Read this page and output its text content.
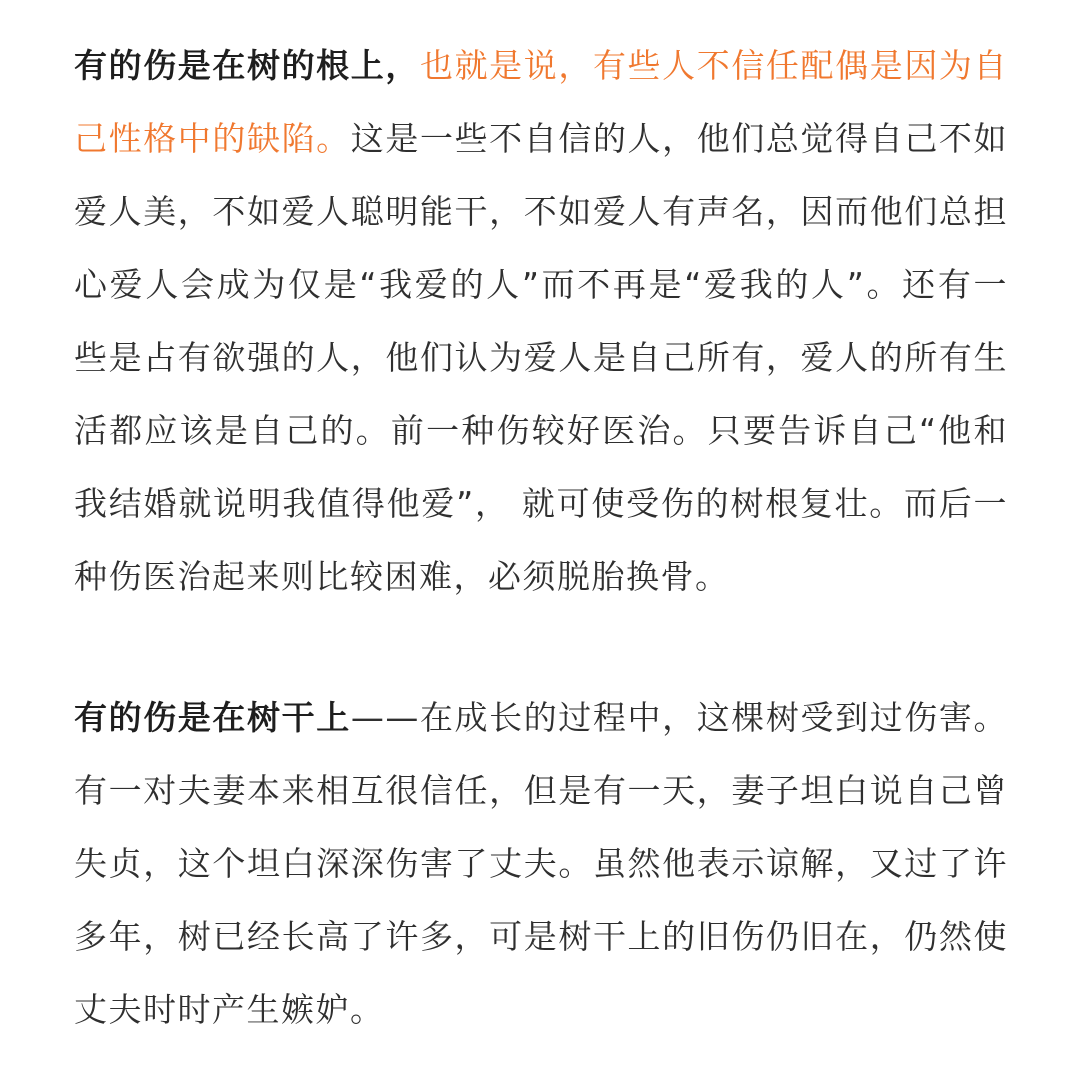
有的伤是在树的根上，也就是说，有些人不信任配偶是因为自己性格中的缺陷。这是一些不自信的人，他们总觉得自己不如爱人美，不如爱人聪明能干，不如爱人有声名，因而他们总担心爱人会成为仅是“我爱的人”而不再是“爱我的人”。还有一些是占有欲强的人，他们认为爱人是自己所有，爱人的所有生活都应该是自己的。前一种伤较好医治。只要告诉自己“他和我结婚就说明我值得他爱”， 就可使受伤的树根复壮。而后一种伤医治起来则比较困难，必须脱胎换骨。

有的伤是在树干上——在成长的过程中，这棵树受到过伤害。有一对夫妻本来相互很信任，但是有一天，妻子坦白说自己曾失贞，这个坦白深深伤害了丈夫。虽然他表示谅解，又过了许多年，树已经长高了许多，可是树干上的旧伤仍旧在，仍然使丈夫时时产生嫉妒。
